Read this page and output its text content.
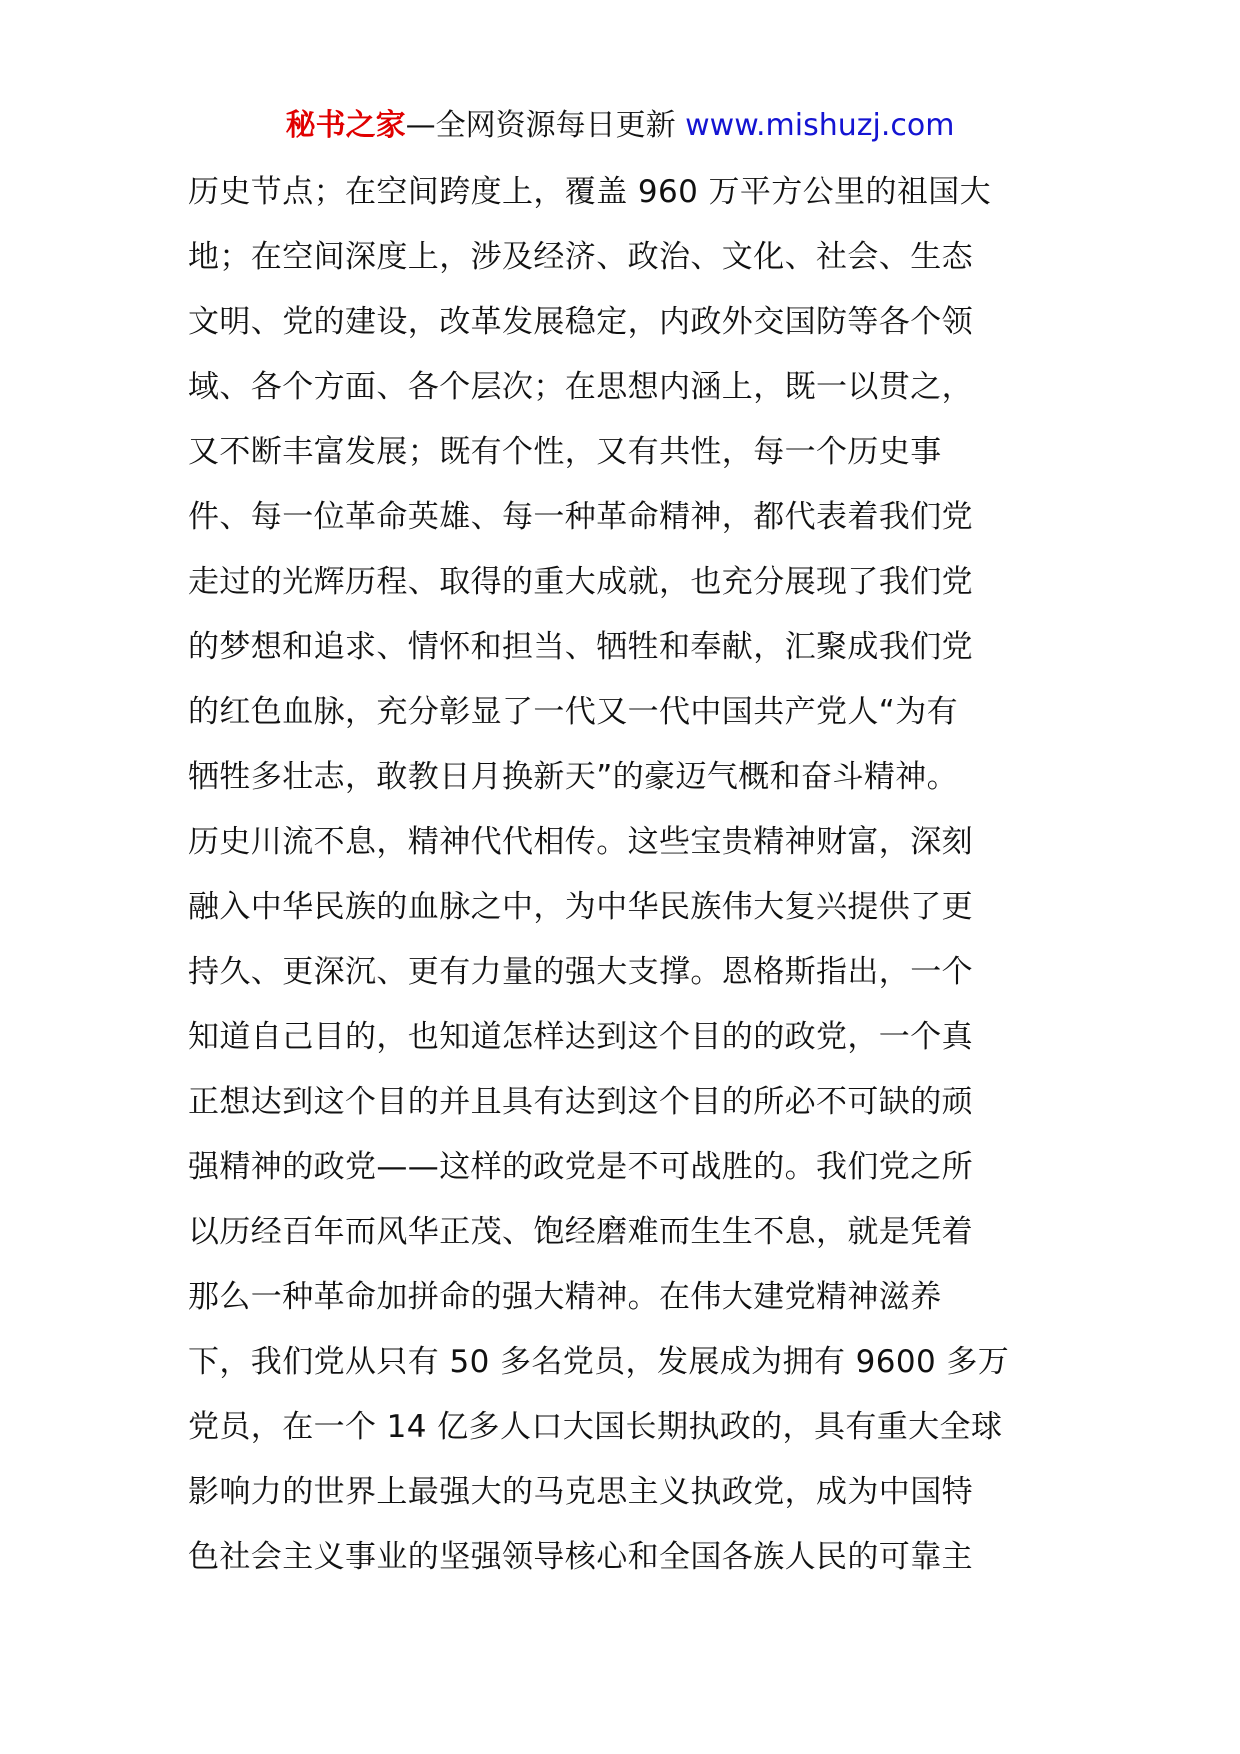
秘书之家—全网资源每日更新 www.mishuzj.com
历史节点；在空间跨度上，覆盖 960 万平方公里的祖国大
地；在空间深度上，涉及经济、政治、文化、社会、生态
文明、党的建设，改革发展稳定，内政外交国防等各个领
域、各个方面、各个层次；在思想内涵上，既一以贯之，
又不断丰富发展；既有个性，又有共性，每一个历史事
件、每一位革命英雄、每一种革命精神，都代表着我们党
走过的光辉历程、取得的重大成就，也充分展现了我们党
的梦想和追求、情怀和担当、牺牲和奉献，汇聚成我们党
的红色血脉，充分彰显了一代又一代中国共产党人“为有
牺牲多壮志，敢教日月换新天”的豪迈气概和奋斗精神。
历史川流不息，精神代代相传。这些宝贵精神财富，深刻
融入中华民族的血脉之中，为中华民族伟大复兴提供了更
持久、更深沉、更有力量的强大支撑。恩格斯指出，一个
知道自己目的，也知道怎样达到这个目的的政党，一个真
正想达到这个目的并且具有达到这个目的所必不可缺的顽
强精神的政党——这样的政党是不可战胜的。我们党之所
以历经百年而风华正茂、饱经磨难而生生不息，就是凭着
那么一种革命加拼命的强大精神。在伟大建党精神滋养
下，我们党从只有 50 多名党员，发展成为拥有 9600 多万
党员，在一个 14 亿多人口大国长期执政的，具有重大全球
影响力的世界上最强大的马克思主义执政党，成为中国特
色社会主义事业的坚强领导核心和全国各族人民的可靠主
